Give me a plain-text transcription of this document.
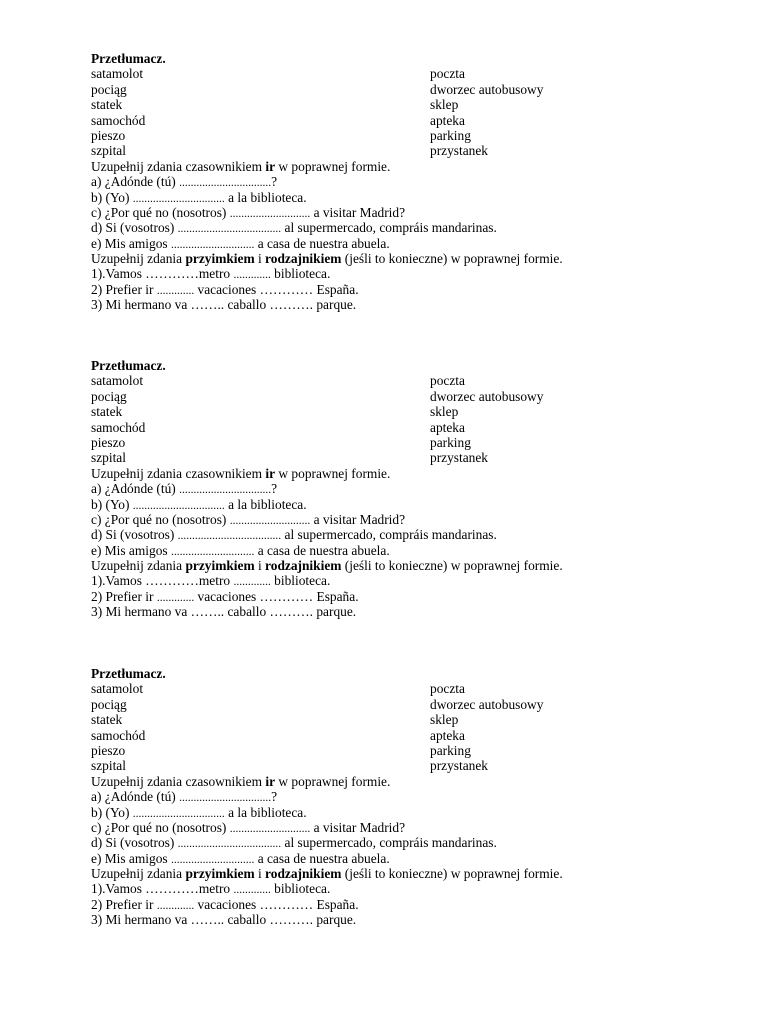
Przetłumacz.
satamolot	poczta
pociąg	dworzec autobusowy
statek	sklep
samochód	apteka
pieszo	parking
szpital	przystanek
Uzupełnij zdania czasownikiem ir w poprawnej formie.
a) ¿Adónde (tú) ................................?
b) (Yo) ................................ a la biblioteca.
c) ¿Por qué no (nosotros) ............................ a visitar Madrid?
d) Si (vosotros) .................................... al supermercado, compráis mandarinas.
e) Mis amigos ............................. a casa de nuestra abuela.
Uzupełnij zdania przyimkiem i rodzajnikiem (jeśli to konieczne) w poprawnej formie.
1).Vamos …………metro ............. biblioteca.
2) Prefier ir ............. vacaciones ………… España.
3) Mi hermano va …….. caballo ………. parque.
Przetłumacz.
satamolot	poczta
pociąg	dworzec autobusowy
statek	sklep
samochód	apteka
pieszo	parking
szpital	przystanek
Uzupełnij zdania czasownikiem ir w poprawnej formie.
a) ¿Adónde (tú) ................................?
b) (Yo) ................................ a la biblioteca.
c) ¿Por qué no (nosotros) ............................ a visitar Madrid?
d) Si (vosotros) .................................... al supermercado, compráis mandarinas.
e) Mis amigos ............................. a casa de nuestra abuela.
Uzupełnij zdania przyimkiem i rodzajnikiem (jeśli to konieczne) w poprawnej formie.
1).Vamos …………metro ............. biblioteca.
2) Prefier ir ............. vacaciones ………… España.
3) Mi hermano va …….. caballo ………. parque.
Przetłumacz.
satamolot	poczta
pociąg	dworzec autobusowy
statek	sklep
samochód	apteka
pieszo	parking
szpital	przystanek
Uzupełnij zdania czasownikiem ir w poprawnej formie.
a) ¿Adónde (tú) ................................?
b) (Yo) ................................ a la biblioteca.
c) ¿Por qué no (nosotros) ............................ a visitar Madrid?
d) Si (vosotros) .................................... al supermercado, compráis mandarinas.
e) Mis amigos ............................. a casa de nuestra abuela.
Uzupełnij zdania przyimkiem i rodzajnikiem (jeśli to konieczne) w poprawnej formie.
1).Vamos …………metro ............. biblioteca.
2) Prefier ir ............. vacaciones ………… España.
3) Mi hermano va …….. caballo ………. parque.
